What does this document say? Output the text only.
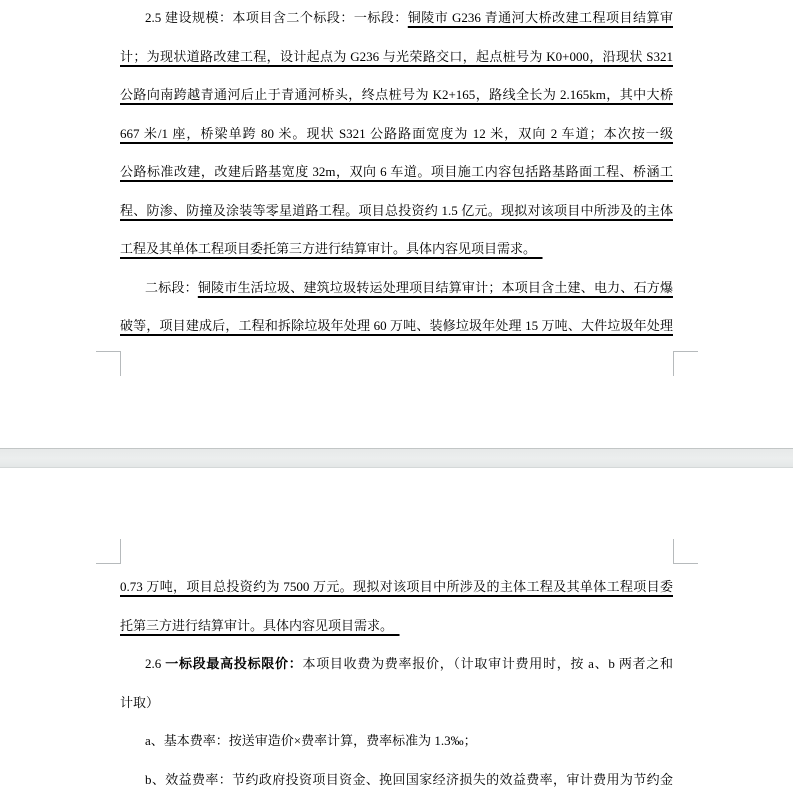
2.5 建设规模：本项目含二个标段：一标段：铜陵市 G236 青通河大桥改建工程项目结算审
计；为现状道路改建工程，设计起点为 G236 与光荣路交口，起点桩号为 K0+000，沿现状 S321
公路向南跨越青通河后止于青通河桥头，终点桩号为 K2+165，路线全长为 2.165km，其中大桥
667 米/1 座，桥梁单跨 80 米。现状 S321 公路路面宽度为 12 米，双向 2 车道；本次按一级
公路标准改建，改建后路基宽度 32m，双向 6 车道。项目施工内容包括路基路面工程、桥涵工
程、防渗、防撞及涂装等零星道路工程。项目总投资约 1.5 亿元。现拟对该项目中所涉及的主体
工程及其单体工程项目委托第三方进行结算审计。具体内容见项目需求。　
二标段：铜陵市生活垃圾、建筑垃圾转运处理项目结算审计；本项目含土建、电力、石方爆
破等，项目建成后，工程和拆除垃圾年处理 60 万吨、装修垃圾年处理 15 万吨、大件垃圾年处理
0.73 万吨，项目总投资约为 7500 万元。现拟对该项目中所涉及的主体工程及其单体工程项目委
托第三方进行结算审计。具体内容见项目需求。　
2.6 一标段最高投标限价：本项目收费为费率报价，（计取审计费用时，按 a、b 两者之和
计取）
a、基本费率：按送审造价×费率计算，费率标准为 1.3‰；
b、效益费率：节约政府投资项目资金、挽回国家经济损失的效益费率，审计费用为节约金
